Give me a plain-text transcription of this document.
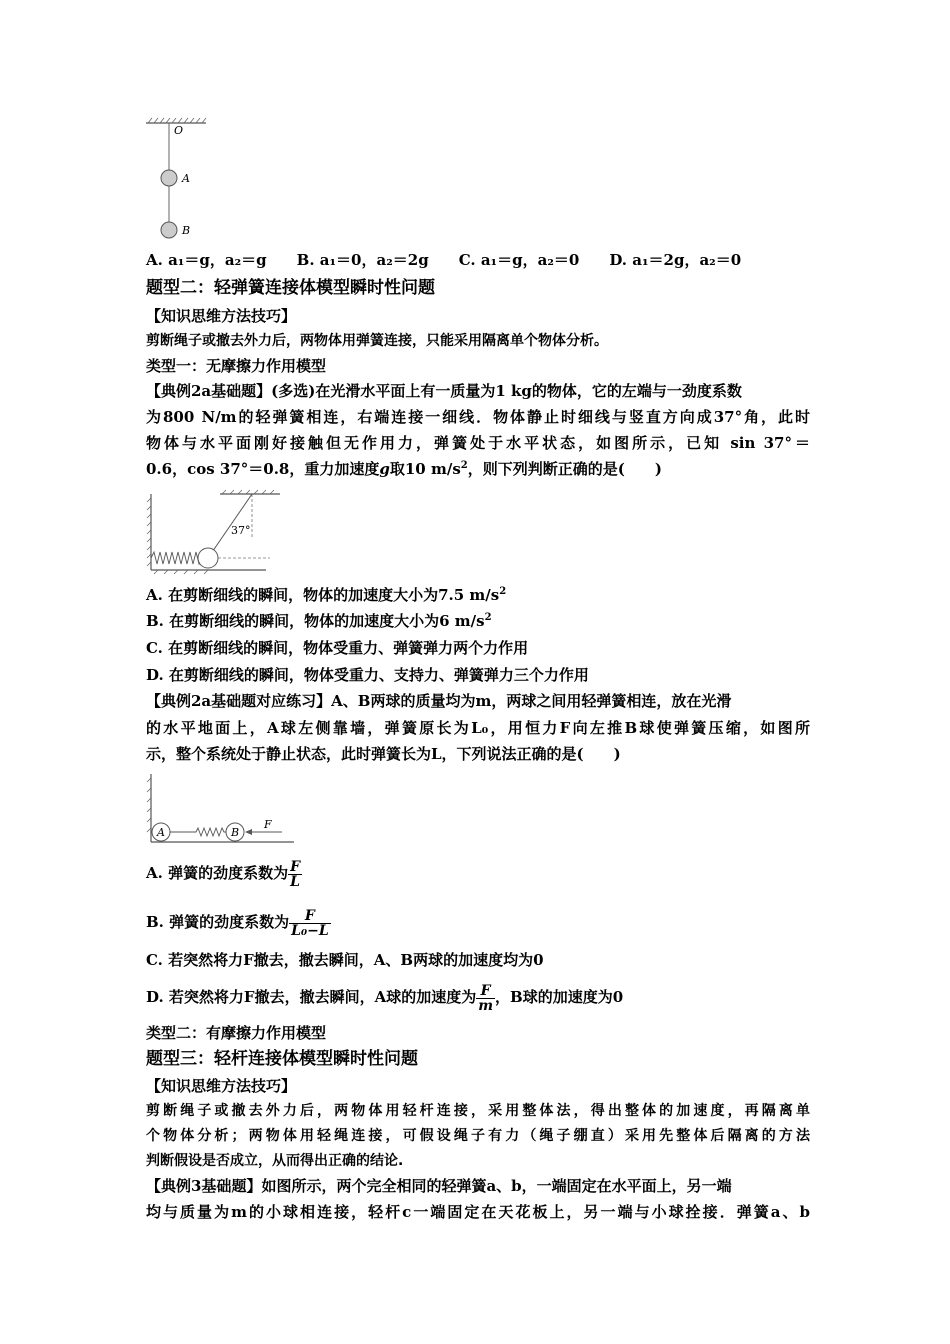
O
A
B
A. a₁＝g，a₂＝g　　B. a₁＝0，a₂＝2g　　C. a₁＝g，a₂＝0　　D. a₁＝2g，a₂＝0
题型二：轻弹簧连接体模型瞬时性问题
【知识思维方法技巧】
剪断绳子或撤去外力后，两物体用弹簧连接，只能采用隔离单个物体分析。
类型一：无摩擦力作用模型
【典例2a基础题】(多选)在光滑水平面上有一质量为1 kg的物体，它的左端与一劲度系数
为800 N/m的轻弹簧相连，右端连接一细线．物体静止时细线与竖直方向成37°角，此时
物体与水平面刚好接触但无作用力，弹簧处于水平状态，如图所示，已知 sin 37°＝
0.6，cos 37°＝0.8，重力加速度g取10 $m/s^2$，则下列判断正确的是(　　)
37°
A. 在剪断细线的瞬间，物体的加速度大小为7.5 $m/s^2$
B. 在剪断细线的瞬间，物体的加速度大小为6 $m/s^2$
C. 在剪断细线的瞬间，物体受重力、弹簧弹力两个力作用
D. 在剪断细线的瞬间，物体受重力、支持力、弹簧弹力三个力作用
【典例2a基础题对应练习】A、B两球的质量均为m，两球之间用轻弹簧相连，放在光滑
的水平地面上，A球左侧靠墙，弹簧原长为L₀，用恒力F向左推B球使弹簧压缩，如图所
示，整个系统处于静止状态，此时弹簧长为L，下列说法正确的是(　　)
A	B
F
A. 弹簧的劲度系数为 $\frac{F}{L}$
B. 弹簧的劲度系数为 $\frac{F}{\text{L₀−L}}$
C. 若突然将力F撤去，撤去瞬间，A、B两球的加速度均为0
D. 若突然将力F撤去，撤去瞬间，A球的加速度为 $\frac{F}{m}$ ，B球的加速度为0
类型二：有摩擦力作用模型
题型三：轻杆连接体模型瞬时性问题
【知识思维方法技巧】
剪断绳子或撤去外力后，两物体用轻杆连接，采用整体法，得出整体的加速度，再隔离单
个物体分析；两物体用轻绳连接，可假设绳子有力（绳子绷直）采用先整体后隔离的方法
判断假设是否成立，从而得出正确的结论.
【典例3基础题】如图所示，两个完全相同的轻弹簧a、b，一端固定在水平面上，另一端
均与质量为m的小球相连接，轻杆c一端固定在天花板上，另一端与小球拴接．弹簧a、b
